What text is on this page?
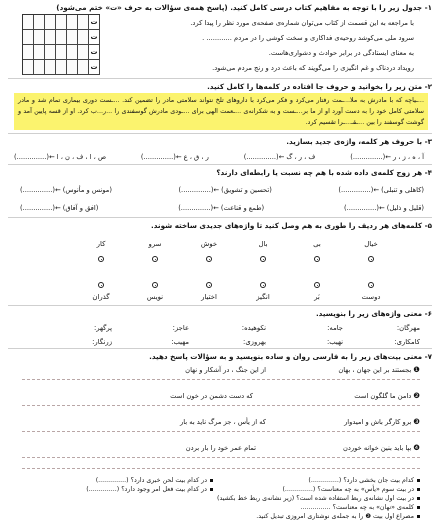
۱- جدول زیر را با توجه به مفاهیم کتاب درسی کامل کنید. (پاسخ همه‌ی سؤالات به حرف «ت» ختم می‌شود)
ت
ت
ت
ت
با مراجعه به این قسمت از کتاب می‌توان شماره‌ی صفحه‌ی مورد نظر را پیدا کرد.
سرود ملی می‌کوشد روحیه‌ی فداکاری و سخت کوشی را در مردم ............ .
به معنای ایستادگی در برابر حوادث و دشواری‌هاست.
رویداد دردناک و غم انگیزی را می‌گویند که باعث درد و رنج مردم می‌شود.
۲- متن زیر را بخوانید و حروف جا افتاده در کلمه‌ها را کامل کنید.
...ـیاچه که با مادرش به ملا...ـمت رفتار می‌کرد و فکر می‌کرد با داروهای تلخ نتواند سلامتی مادر را تضمین کند. ...ـست دوری بیماری تمام شد و مادر سلامتی کامل خود را به دست آورد او از ما بر...ـست و به شکرانه‌ی ...ـعمت الهی برای ...ـودی مادرش گوسفندی را ...ر...ب کرد. او از قسه پایین آمد و گوشت گوسفند را بین ...ـقـ...ـرا تقسیم کرد.
۳- با حروف هر کلمه، واژه‌ی جدید بسازید.
آ ، ه ، ز ، ر ←(..............)
ف ، ر ، گ ←(..............)
ر ، ق ، ع ←(..............)
ص ، ا ، ف ، ن ، ا ←(..............)
۴- هر زوج کلمه‌ی داده شده با هم چه نسبت یا رابطه‌ای دارند؟
(کاهلی و تنبلی) ←(..............)
(تحسین و تشویق) ←(..............)
(مونس و مأنوس) ←(..............)
(قلیل و ذلیل) ←(..............)
(طمع و قناعت) ←(..............)
(افق و آفاق) ←(..............)
۵- کلمه‌های هر ردیف را طوری به هم وصل کنید تا واژه‌های جدیدی ساخته شوند.
خیال
بی
بال
خوش
سرو
کار
دوست
بَر
انگیز
اختیار
نویس
گذران
۶- معنی واژه‌های زیر را بنویسید.
مهرگان:
جامه:
نکوهیده:
عاجز:
پرگهر:
کامکاری:
نهیب:
بهروزی:
مهیب:
زرنگار:
۷- معنی بیت‌های زیر را به فارسی روان و ساده بنویسید و به سؤالات پاسخ دهید.
❶بجستند بر این جهان ، بهان
از این جنگ ، در آشکار و نهان
❷دامن ما گلگون است
که دست دشمن در خون است
❸برو کارگر باش و امیدوار
که از یأس ، جز مرگ ناید به بار
❹بپا باید بنین خوانه خوردن
تمام عمر خود را بار بردن
کدام بیت جان بخشی دارد؟ (..............)
در کدام بیت لحن خبری دارد؟ (..............)
در بیت سوم «یأس» به چه معناست؟ (..............)
در کدام بیت فعل امر وجود دارد؟ (..............)
در بیت اول نشانه‌ی ربط استفاده شده است؟ (زیر نشانه‌ی ربط خط بکشید)
کلمه‌ی «نهان» به چه معناست؟ ...............
مصراع اول بیت ❷ را به جمله‌ی نوشتاری امروزی تبدیل کنید.
